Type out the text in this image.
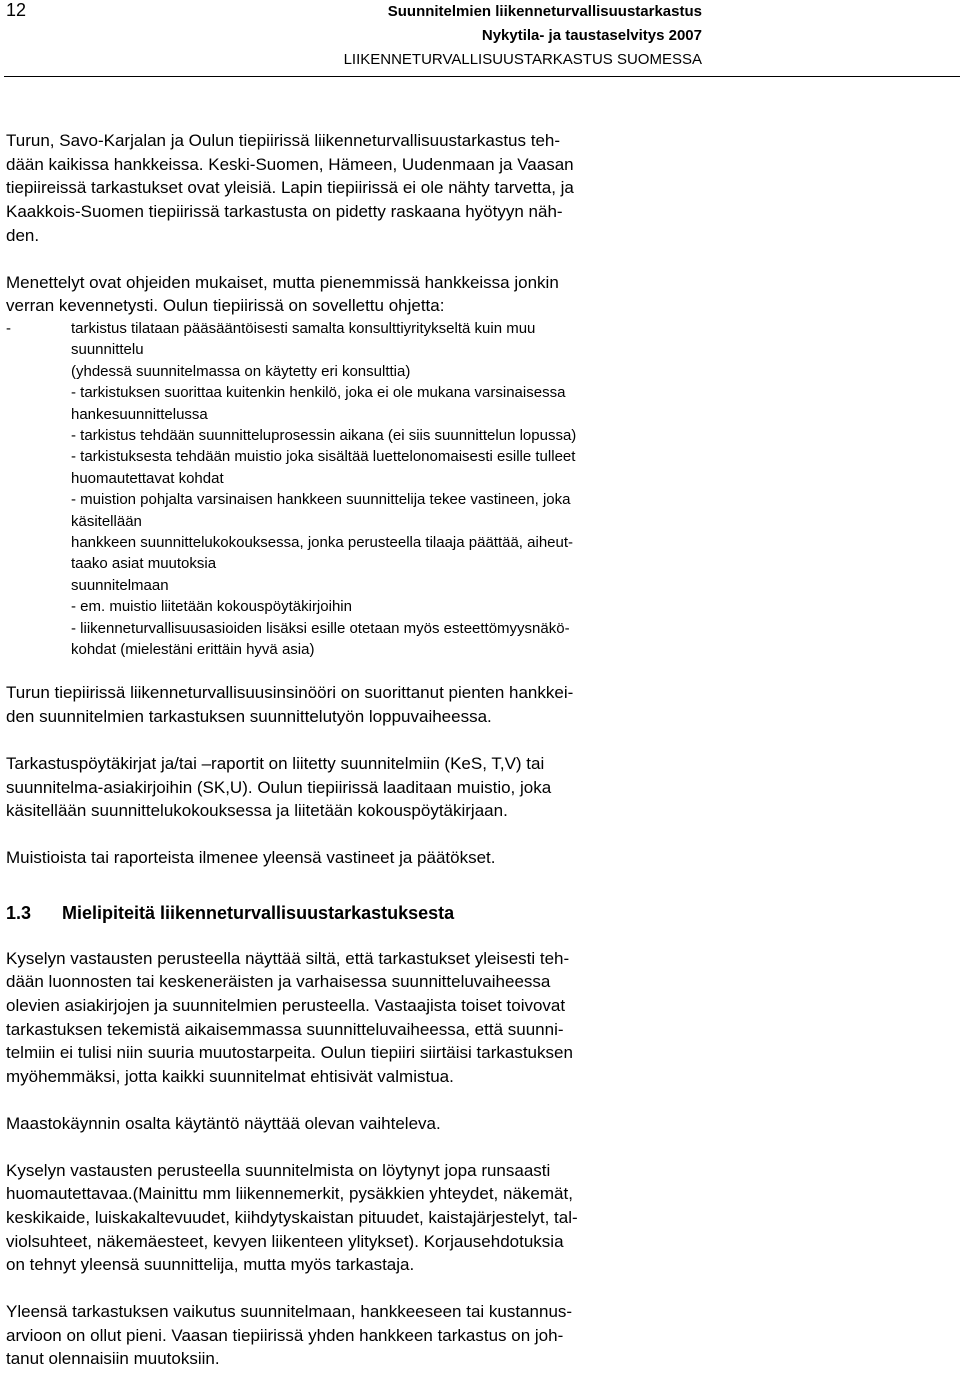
12	Suunnitelmien liikenneturvallisuustarkastus
Nykytila- ja taustaselvitys 2007
LIIKENNETURVALLISUUSTARKASTUS SUOMESSA

Turun, Savo-Karjalan ja Oulun tiepiirissä liikenneturvallisuustarkastus teh-
dään kaikissa hankkeissa. Keski-Suomen, Hämeen, Uudenmaan ja Vaasan
tiepiireissä tarkastukset ovat yleisiä. Lapin tiepiirissä ei ole nähty tarvetta, ja
Kaakkois-Suomen tiepiirissä tarkastusta on pidetty raskaana hyötyyn näh-
den.

Menettelyt ovat ohjeiden mukaiset, mutta pienemmissä hankkeissa jonkin
verran kevennetysti. Oulun tiepiirissä on sovellettu ohjetta:

-	tarkistus tilataan pääsääntöisesti samalta konsulttiyritykseltä kuin muu
suunnittelu
(yhdessä suunnitelmassa on käytetty eri konsulttia)
- tarkistuksen suorittaa kuitenkin henkilö, joka ei ole mukana varsinaisessa
hankesuunnittelussa
- tarkistus tehdään suunnitteluprosessin aikana (ei siis suunnittelun lopussa)
- tarkistuksesta tehdään muistio joka sisältää luettelonomaisesti esille tulleet
huomautettavat kohdat
- muistion pohjalta varsinaisen hankkeen suunnittelija tekee vastineen, joka
käsitellään
hankkeen suunnittelukokouksessa, jonka perusteella tilaaja päättää, aiheut-
taako asiat muutoksia
suunnitelmaan
- em. muistio liitetään kokouspöytäkirjoihin
- liikenneturvallisuusasioiden lisäksi esille otetaan myös esteettömyysnäkö-
kohdat (mielestäni erittäin hyvä asia)

Turun tiepiirissä liikenneturvallisuusinsinööri on suorittanut pienten hankkei-
den suunnitelmien tarkastuksen suunnittelutyön loppuvaiheessa.

Tarkastuspöytäkirjat ja/tai –raportit on liitetty suunnitelmiin (KeS, T,V) tai
suunnitelma-asiakirjoihin (SK,U). Oulun tiepiirissä laaditaan muistio, joka
käsitellään suunnittelukokouksessa ja liitetään kokouspöytäkirjaan.

Muistioista tai raporteista ilmenee yleensä vastineet ja päätökset.

1.3 Mielipiteitä liikenneturvallisuustarkastuksesta

Kyselyn vastausten perusteella näyttää siltä, että tarkastukset yleisesti teh-
dään luonnosten tai keskeneräisten ja varhaisessa suunnitteluvaiheessa
olevien asiakirjojen ja suunnitelmien perusteella. Vastaajista toiset toivovat
tarkastuksen tekemistä aikaisemmassa suunnitteluvaiheessa, että suunni-
telmiin ei tulisi niin suuria muutostarpeita. Oulun tiepiiri siirtäisi tarkastuksen
myöhemmäksi, jotta kaikki suunnitelmat ehtisivät valmistua.

Maastokäynnin osalta käytäntö näyttää olevan vaihteleva.

Kyselyn vastausten perusteella suunnitelmista on löytynyt jopa runsaasti
huomautettavaa.(Mainittu mm liikennemerkit, pysäkkien yhteydet, näkemät,
keskikaide, luiskakaltevuudet, kiihdytyskaistan pituudet, kaistajärjestelyt, tal-
violsuhteet, näkemäesteet, kevyen liikenteen ylitykset). Korjausehdotuksia
on tehnyt yleensä suunnittelija, mutta myös tarkastaja.

Yleensä tarkastuksen vaikutus suunnitelmaan, hankkeeseen tai kustannus-
arvioon on ollut pieni. Vaasan tiepiirissä yhden hankkeen tarkastus on joh-
tanut olennaisiin muutoksiin.
